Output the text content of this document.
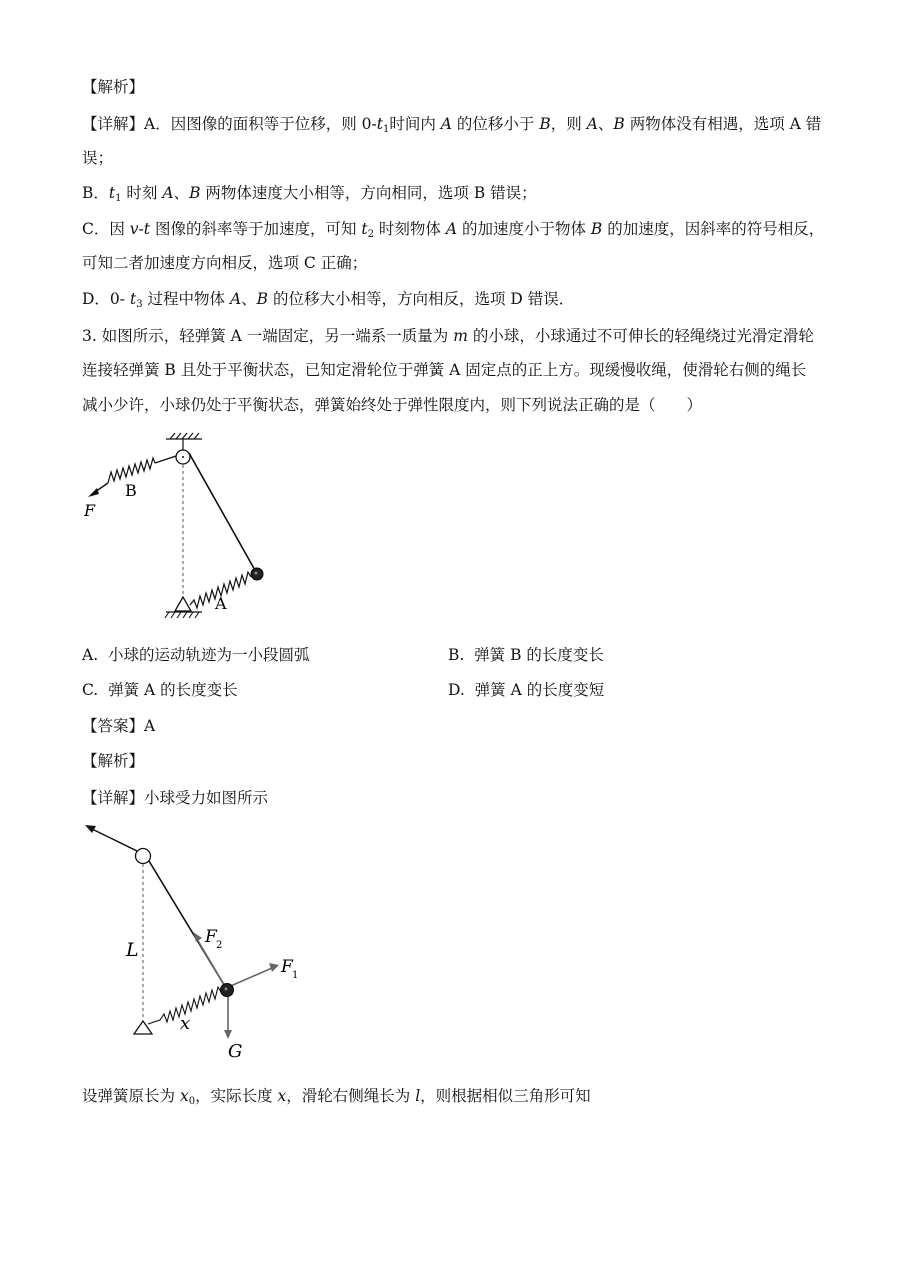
【解析】
【详解】A．因图像的面积等于位移，则 $0-t_1$时间内 A 的位移小于 B，则 A、B 两物体没有相遇，选项 A 错
误；
B．$t_1$ 时刻 A、B 两物体速度大小相等，方向相同，选项 B 错误；
C．因 v-t 图像的斜率等于加速度，可知 $t_2$ 时刻物体 A 的加速度小于物体 B 的加速度，因斜率的符号相反，
可知二者加速度方向相反，选项 C 正确；
D．0- $t_3$ 过程中物体 A、B 的位移大小相等，方向相反，选项 D 错误．
3. 如图所示，轻弹簧 A 一端固定，另一端系一质量为 m 的小球，小球通过不可伸长的轻绳绕过光滑定滑轮
连接轻弹簧 B 且处于平衡状态，已知定滑轮位于弹簧 A 固定点的正上方。现缓慢收绳，使滑轮右侧的绳长
减小少许，小球仍处于平衡状态，弹簧始终处于弹性限度内，则下列说法正确的是（　　）
B
F
A
A.  小球的运动轨迹为一小段圆弧	B.  弹簧 B 的长度变长
C.  弹簧 A 的长度变长	D.  弹簧 A 的长度变短
【答案】A
【解析】
【详解】小球受力如图所示
L
F 2
F 1
x
G
设弹簧原长为 $x_0$，实际长度 x，滑轮右侧绳长为 l，则根据相似三角形可知
